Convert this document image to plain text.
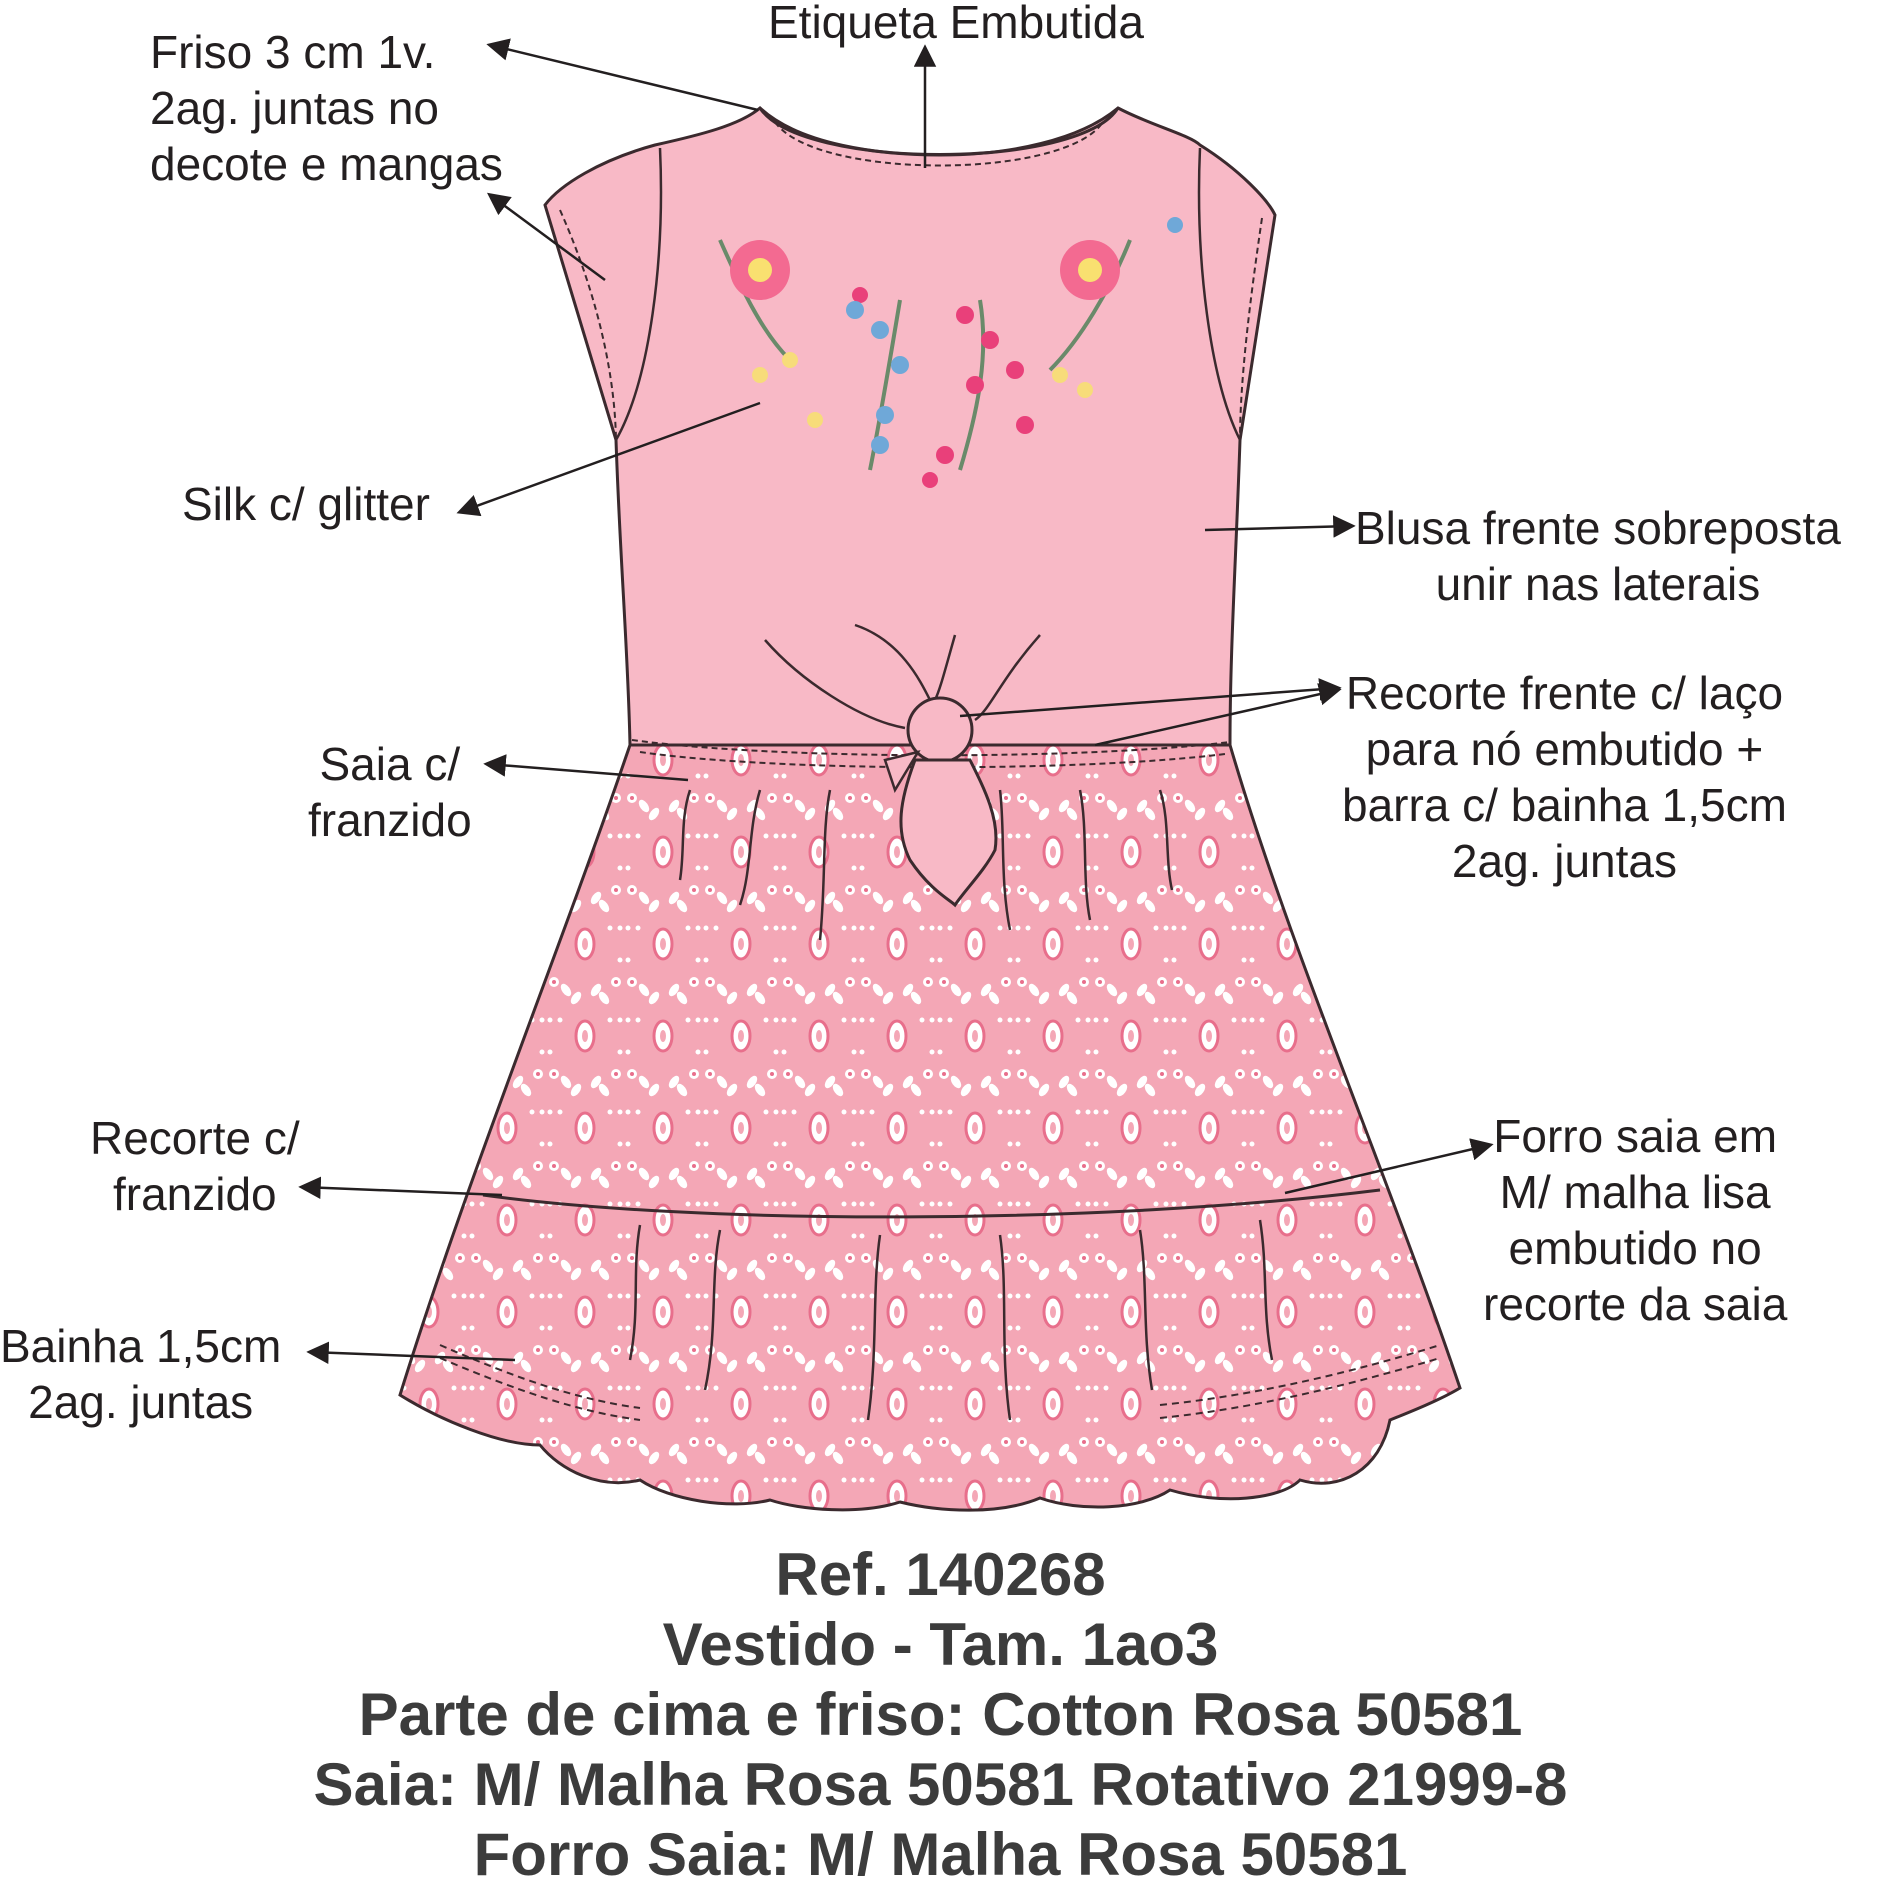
Etiqueta Embutida
Friso 3 cm 1v.
2ag. juntas no
decote e mangas
Silk c/ glitter	Blusa frente sobreposta
unir nas laterais
Recorte frente c/ laço
para nó embutido +
barra c/ bainha 1,5cm
2ag. juntas
Saia c/
franzido
Recorte c/
franzido
Forro saia em
M/ malha lisa
embutido no
recorte da saia
Bainha 1,5cm
2ag. juntas
Ref. 140268
Vestido - Tam. 1ao3
Parte de cima e friso: Cotton Rosa 50581
Saia: M/ Malha Rosa 50581 Rotativo 21999-8
Forro Saia: M/ Malha Rosa 50581
